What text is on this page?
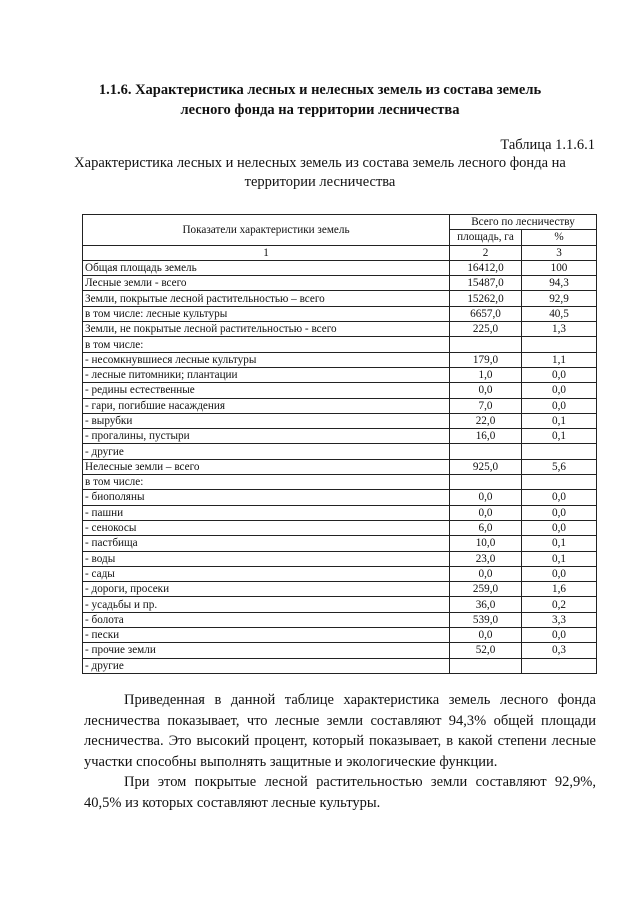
1.1.6. Характеристика лесных и нелесных земель из состава земель
лесного фонда на территории лесничества
Таблица 1.1.6.1
Характеристика лесных и нелесных земель из состава земель лесного фонда на
территории лесничества
Показатели характеристики земель	Всего по лесничеству	
	площадь, га	%
1	2	3
Общая площадь земель	16412,0	100
Лесные земли - всего	15487,0	94,3
Земли, покрытые лесной растительностью – всего	15262,0	92,9
в том числе: лесные культуры	6657,0	40,5
Земли, не покрытые лесной растительностью - всего	225,0	1,3
в том числе:		
- несомкнувшиеся лесные культуры	179,0	1,1
- лесные питомники; плантации	1,0	0,0
- редины естественные	0,0	0,0
- гари, погибшие насаждения	7,0	0,0
- вырубки	22,0	0,1
- прогалины, пустыри	16,0	0,1
- другие		
Нелесные земли – всего	925,0	5,6
в том числе:		
- биополяны	0,0	0,0
- пашни	0,0	0,0
- сенокосы	6,0	0,0
- пастбища	10,0	0,1
- воды	23,0	0,1
- сады	0,0	0,0
- дороги, просеки	259,0	1,6
- усадьбы и пр.	36,0	0,2
- болота	539,0	3,3
- пески	0,0	0,0
- прочие земли	52,0	0,3
- другие		

Приведенная в данной таблице характеристика земель лесного фонда лесничества показывает, что лесные земли составляют 94,3% общей площади лесничества. Это высокий процент, который показывает, в какой степени лесные участки способны выполнять защитные и экологические функции.

При этом покрытые лесной растительностью земли составляют 92,9%, 40,5% из которых составляют лесные культуры.
